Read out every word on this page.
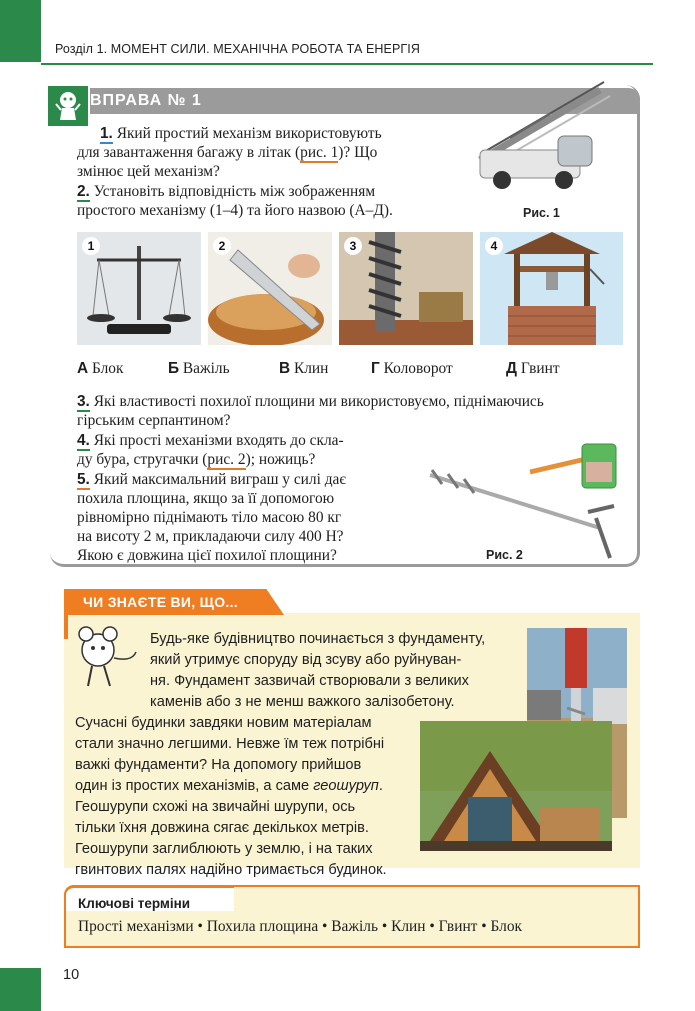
Розділ 1. МОМЕНТ СИЛИ. МЕХАНІЧНА РОБОТА ТА ЕНЕРГІЯ
ВПРАВА № 1
1. Який простий механізм використовують
для завантаження багажу в літак (рис. 1)? Що
змінює цей механізм?
2. Установіть відповідність між зображенням
простого механізму (1–4) та його назвою (А–Д).	Рис. 1
1	2	3	4
А Блок	Б Важіль	В Клин	Г Коловорот	Д Гвинт
3. Які властивості похилої площини ми використовуємо, піднімаючись
гірським серпантином?
4. Які прості механізми входять до скла-
ду бура, стругачки (рис. 2); ножиць?
5. Який максимальний виграш у силі дає
похила площина, якщо за її допомогою
рівномірно піднімають тіло масою 80 кг
на висоту 2 м, прикладаючи силу 400 Н?
Якою є довжина цієї похилої площини?	Рис. 2
ЧИ ЗНАЄТЕ ВИ, ЩО...
Будь-яке будівництво починається з фундаменту,
який утримує споруду від зсуву або руйнуван-
ня. Фундамент зазвичай створювали з великих
каменів або з не менш важкого залізобетону.
Сучасні будинки завдяки новим матеріалам
стали значно легшими. Невже їм теж потрібні
важкі фундаменти? На допомогу прийшов
один із простих механізмів, а саме геошуруп.
Геошурупи схожі на звичайні шурупи, ось
тільки їхня довжина сягає декількох метрів.
Геошурупи заглиблюють у землю, і на таких
гвинтових палях надійно тримається будинок.
Ключові терміни
Прості механізми • Похила площина • Важіль • Клин • Гвинт • Блок
10
